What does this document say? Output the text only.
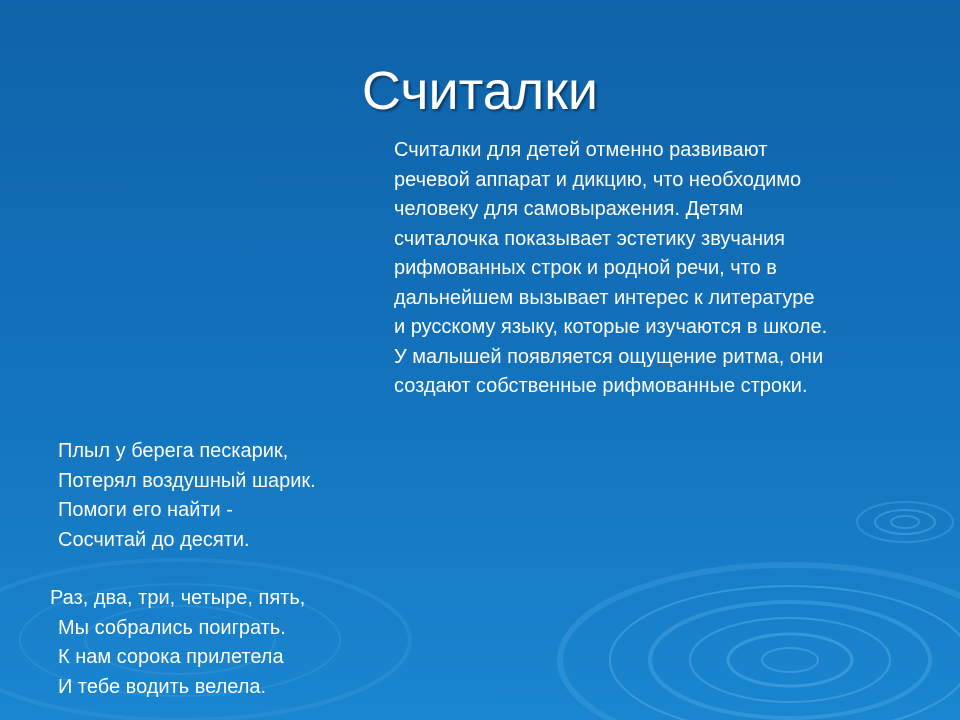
Считалки
Считалки для детей отменно развивают
речевой аппарат и дикцию, что необходимо
человеку для самовыражения. Детям
считалочка показывает эстетику звучания
рифмованных строк и родной речи, что в
дальнейшем вызывает интерес к литературе
и русскому языку, которые изучаются в школе.
У малышей появляется ощущение ритма, они
создают собственные рифмованные строки.
Плыл у берега пескарик,
Потерял воздушный шарик.
Помоги его найти -
Сосчитай до десяти.
Раз, два, три, четыре, пять,
Мы собрались поиграть.
К нам сорока прилетела
И тебе водить велела.
